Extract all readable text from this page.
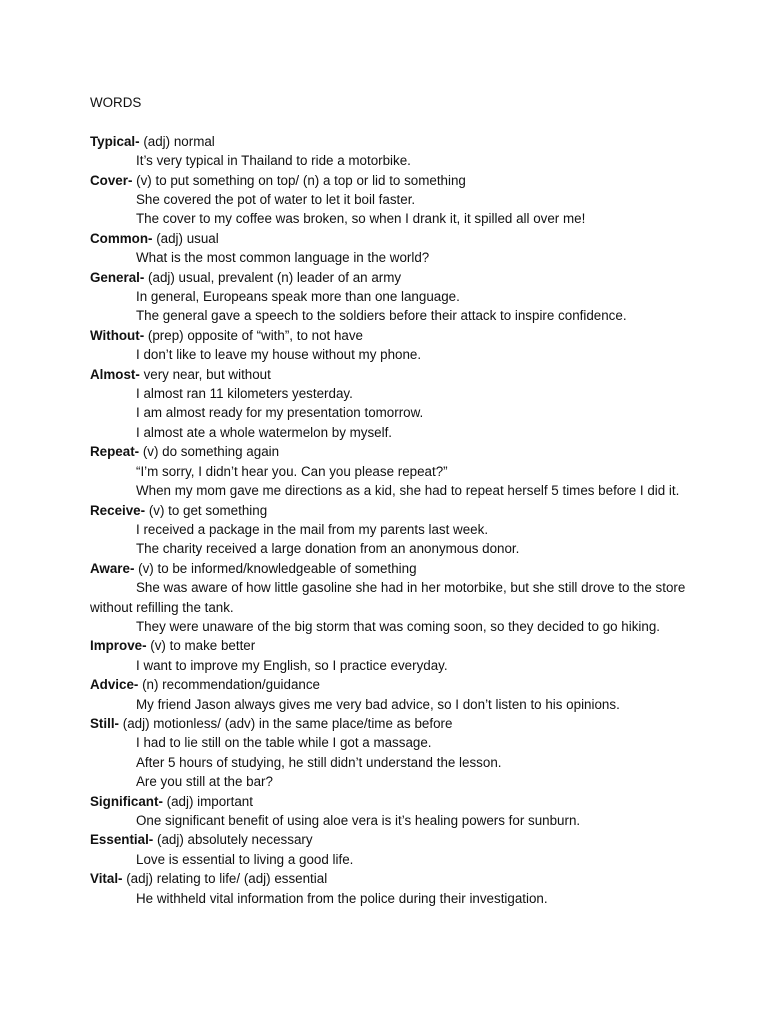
WORDS
Typical- (adj) normal
It’s very typical in Thailand to ride a motorbike.
Cover- (v) to put something on top/ (n) a top or lid to something
She covered the pot of water to let it boil faster.
The cover to my coffee was broken, so when I drank it, it spilled all over me!
Common- (adj) usual
What is the most common language in the world?
General- (adj) usual, prevalent (n) leader of an army
In general, Europeans speak more than one language.
The general gave a speech to the soldiers before their attack to inspire confidence.
Without- (prep) opposite of “with”, to not have
I don’t like to leave my house without my phone.
Almost- very near, but without
I almost ran 11 kilometers yesterday.
I am almost ready for my presentation tomorrow.
I almost ate a whole watermelon by myself.
Repeat- (v) do something again
“I’m sorry, I didn’t hear you. Can you please repeat?”
When my mom gave me directions as a kid, she had to repeat herself 5 times before I did it.
Receive- (v) to get something
I received a package in the mail from my parents last week.
The charity received a large donation from an anonymous donor.
Aware- (v) to be informed/knowledgeable of something
She was aware of how little gasoline she had in her motorbike, but she still drove to the store without refilling the tank.
They were unaware of the big storm that was coming soon, so they decided to go hiking.
Improve- (v) to make better
I want to improve my English, so I practice everyday.
Advice- (n) recommendation/guidance
My friend Jason always gives me very bad advice, so I don’t listen to his opinions.
Still- (adj) motionless/ (adv) in the same place/time as before
I had to lie still on the table while I got a massage.
After 5 hours of studying, he still didn’t understand the lesson.
Are you still at the bar?
Significant- (adj) important
One significant benefit of using aloe vera is it’s healing powers for sunburn.
Essential- (adj) absolutely necessary
Love is essential to living a good life.
Vital- (adj) relating to life/ (adj) essential
He withheld vital information from the police during their investigation.
